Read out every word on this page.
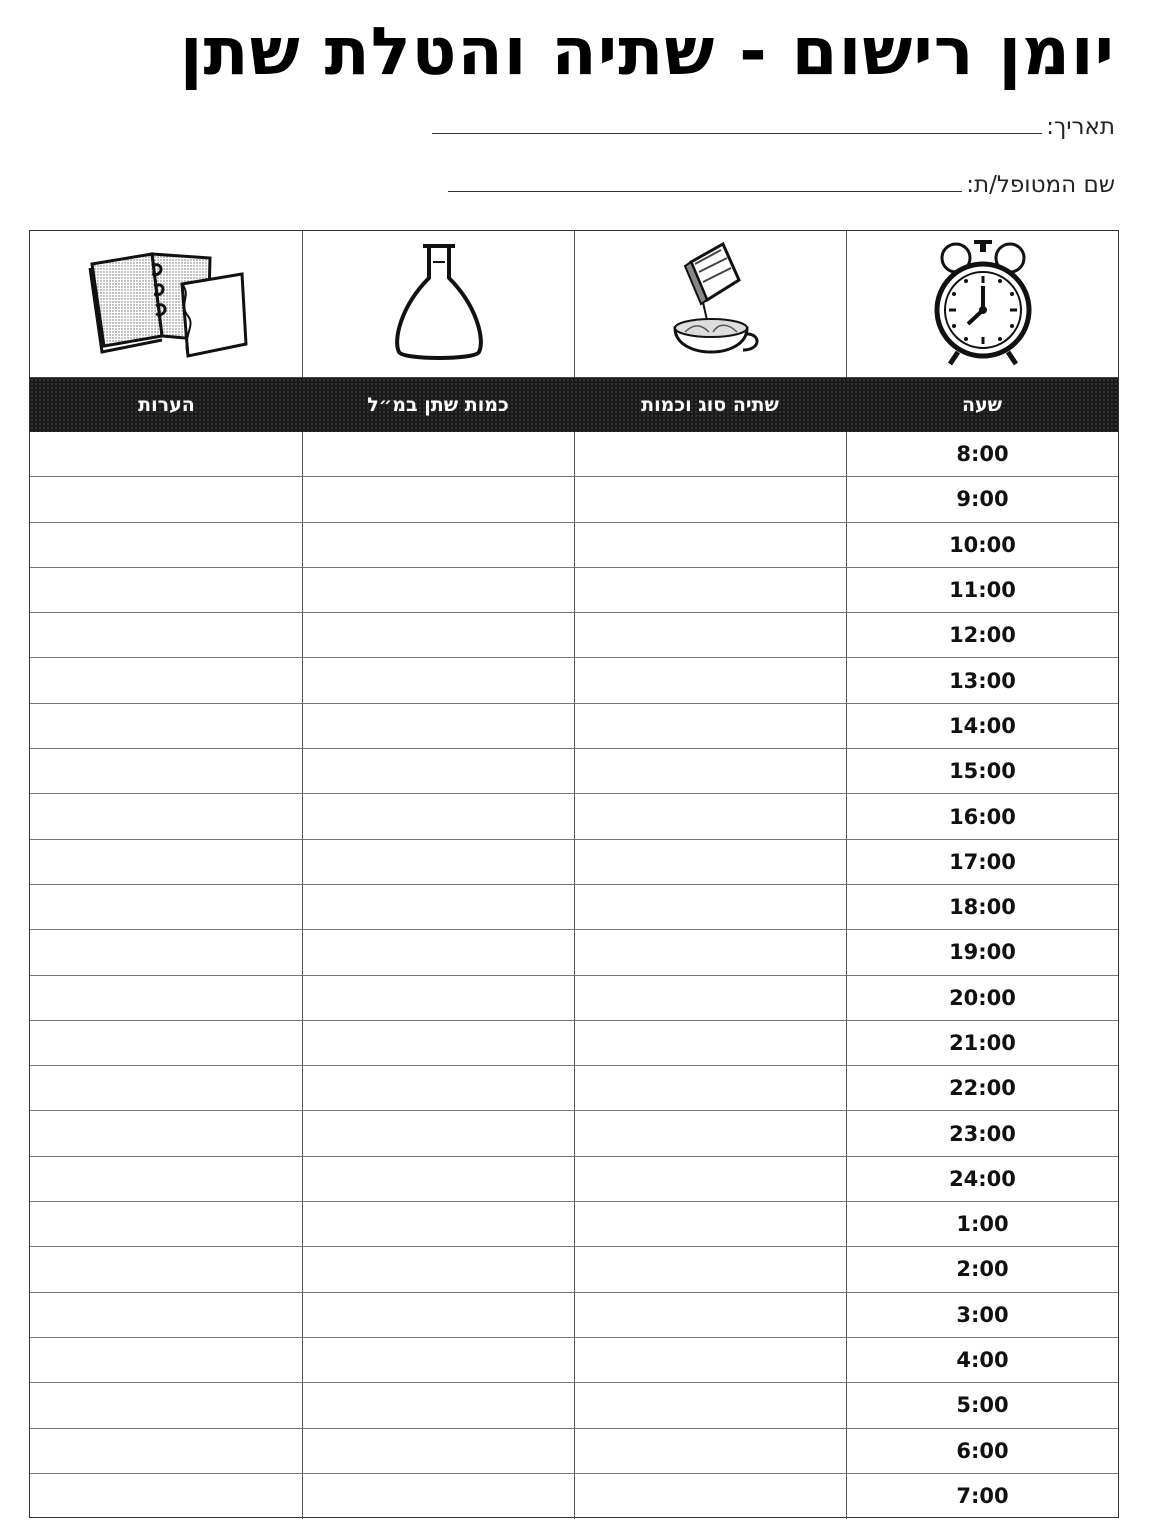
יומן רישום - שתיה והטלת שתן
תאריך:
שם המטופל/ת:
שעה
שתיה סוג וכמות
כמות שתן במ״ל
הערות
8:00
9:00
10:00
11:00
12:00
13:00
14:00
15:00
16:00
17:00
18:00
19:00
20:00
21:00
22:00
23:00
24:00
1:00
2:00
3:00
4:00
5:00
6:00
7:00
